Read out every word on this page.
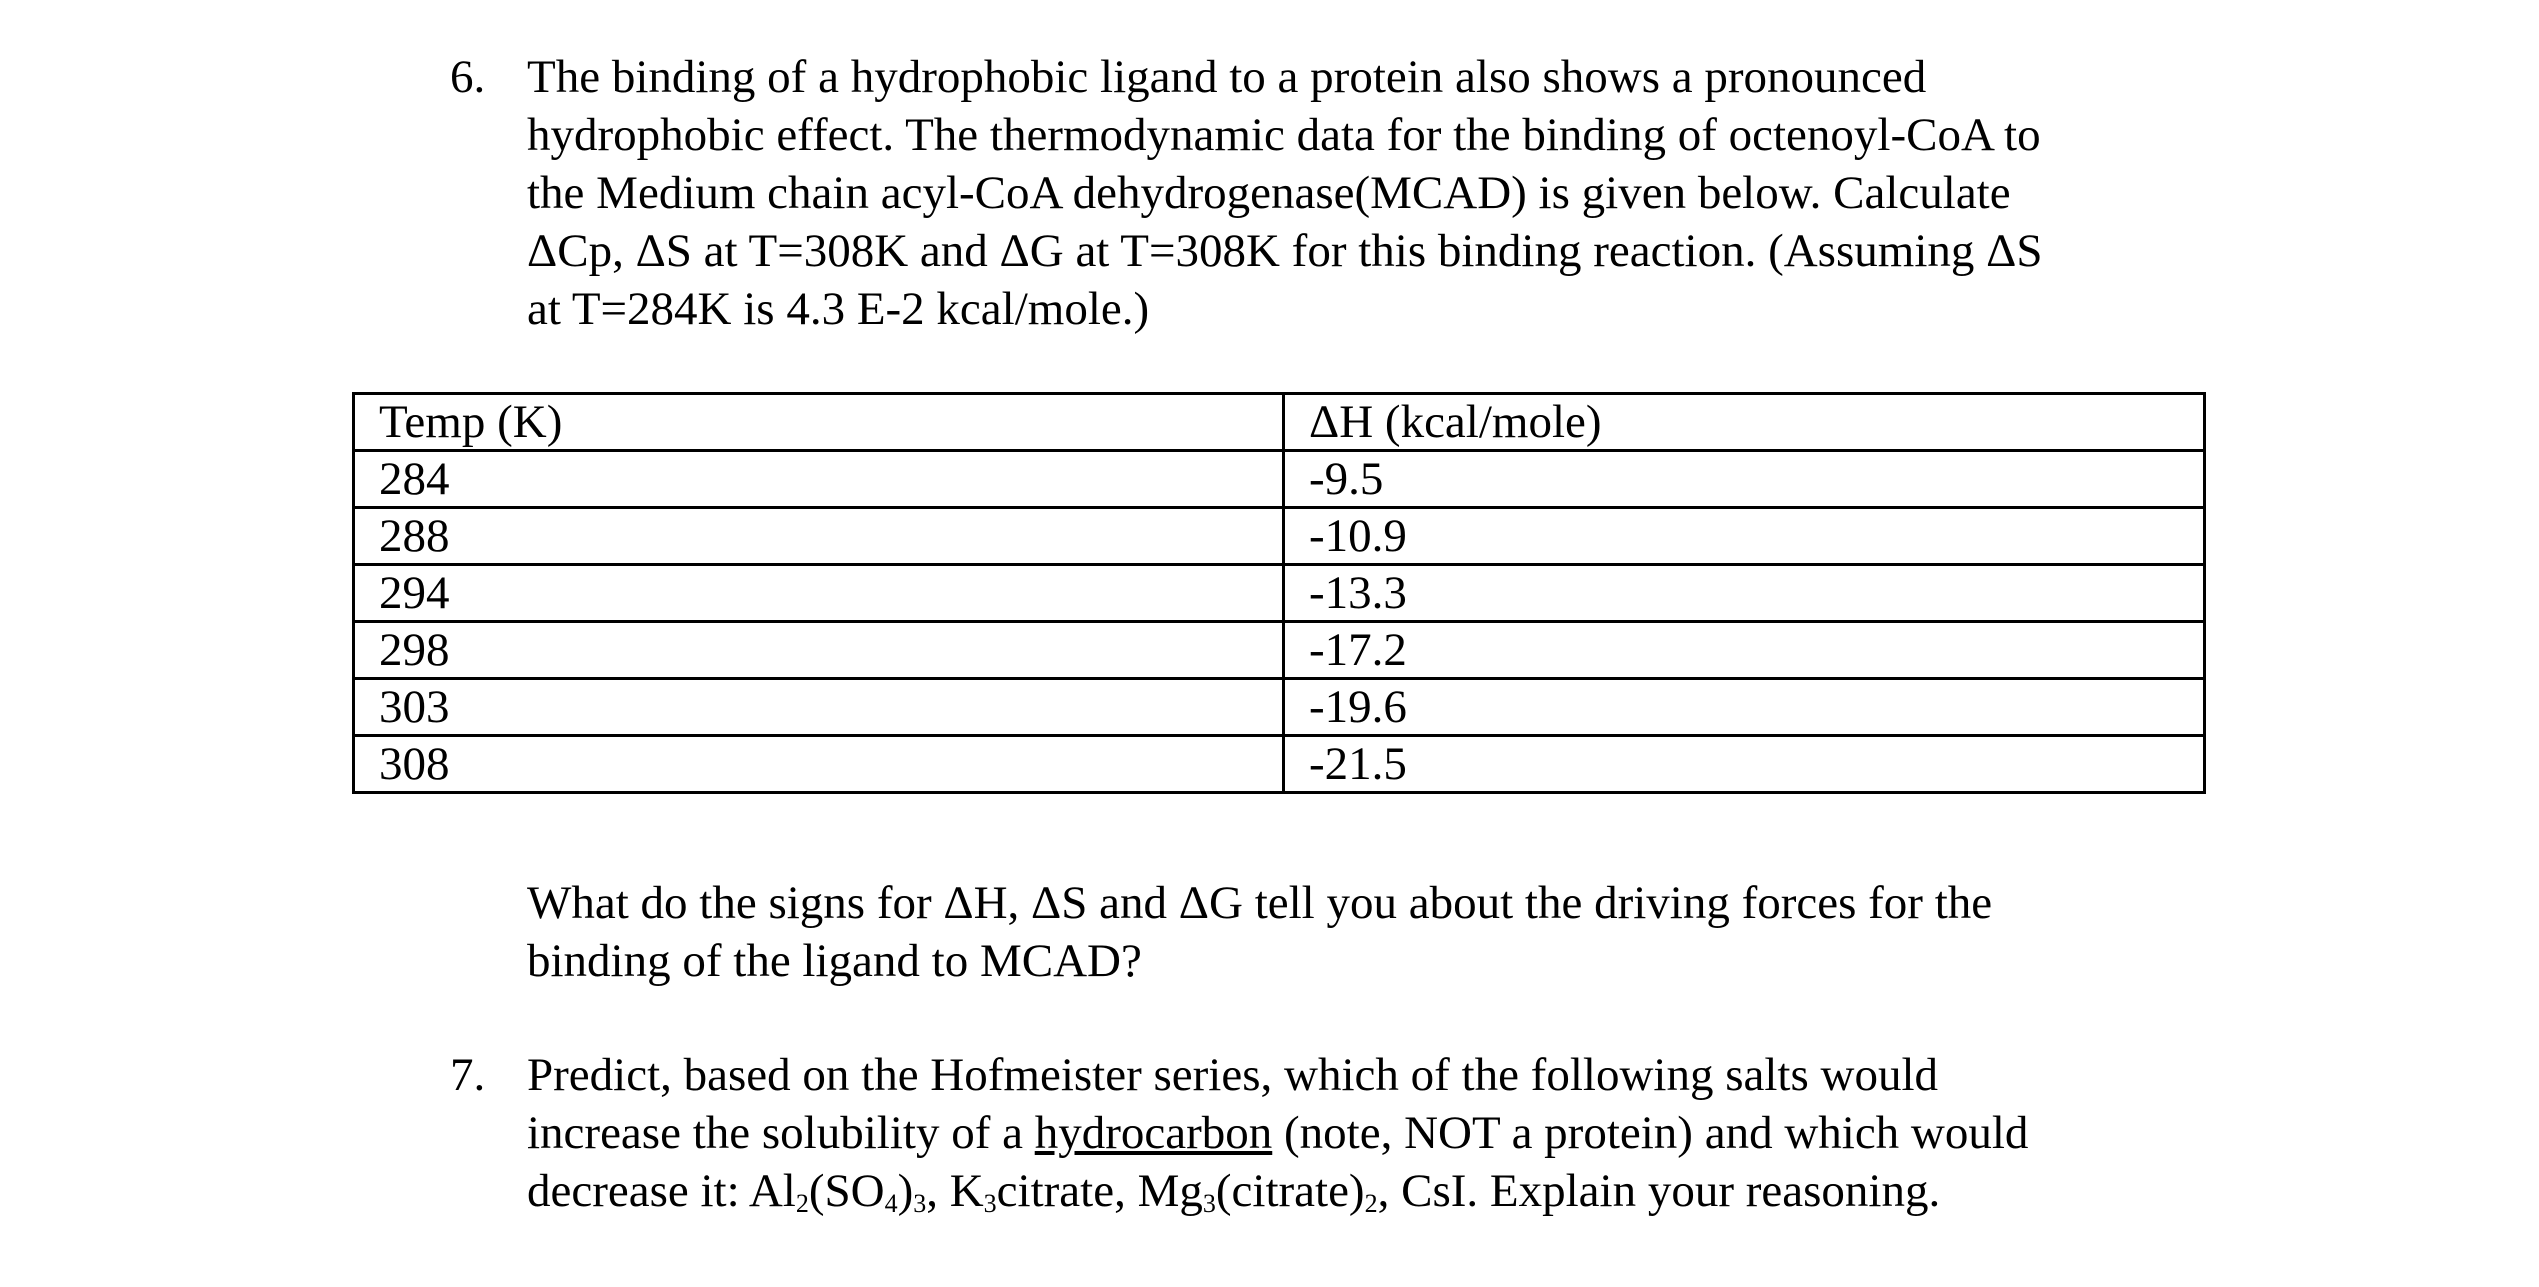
6. The binding of a hydrophobic ligand to a protein also shows a pronounced
hydrophobic effect. The thermodynamic data for the binding of octenoyl-CoA to
the Medium chain acyl-CoA dehydrogenase(MCAD) is given below. Calculate
ΔCp, ΔS at T=308K and ΔG at T=308K for this binding reaction. (Assuming ΔS
at T=284K is 4.3 E-2 kcal/mole.)
Temp (K)	ΔH (kcal/mole)
284	-9.5
288	-10.9
294	-13.3
298	-17.2
303	-19.6
308	-21.5
What do the signs for ΔH, ΔS and ΔG tell you about the driving forces for the
binding of the ligand to MCAD?
7. Predict, based on the Hofmeister series, which of the following salts would
increase the solubility of a hydrocarbon (note, NOT a protein) and which would
decrease it: $Al_2(SO_4)_3$, $K_3citrate$, $Mg_3(citrate)_2$, CsI. Explain your reasoning.
